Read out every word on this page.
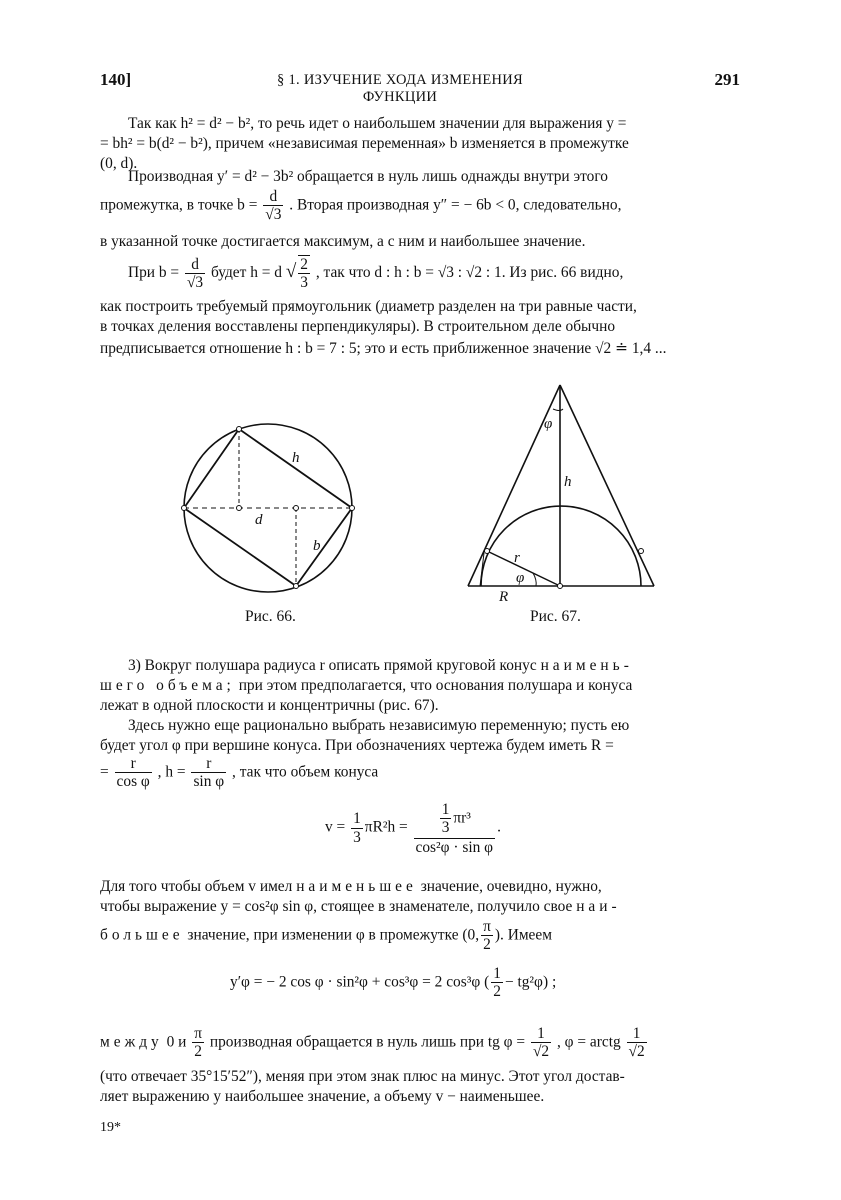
140]	§ 1. ИЗУЧЕНИЕ ХОДА ИЗМЕНЕНИЯ ФУНКЦИИ
291
Так как h² = d² − b², то речь идет о наибольшем значении для выражения y =
= bh² = b(d² − b²), причем «независимая переменная» b изменяется в промежутке
(0, d).
Производная y′ = d² − 3b² обращается в нуль лишь однажды внутри этого
промежутка, в точке $b = \frac{d}{√3}$ . Вторая производная y″ = − 6b < 0, следовательно,
в указанной точке достигается максимум, а с ним и наибольшее значение.
При $b = \frac{d}{√3}$ будет h = d √ $\frac{2}{3}$ , так что d : h : b = √3 : √2 : 1. Из рис. 66 видно,
как построить требуемый прямоугольник (диаметр разделен на три равные части,
в точках деления восставлены перпендикуляры). В строительном деле обычно
предписывается отношение h : b = 7 : 5; это и есть приближенное значение √2 ≐ 1,4 ...
h
d
b
Рис. 66.
φ
h
r
φ
R
Рис. 67.
3) Вокруг полушара радиуса r описать прямой круговой конус наимень-
шего объема; при этом предполагается, что основания полушара и конуса
лежат в одной плоскости и концентричны (рис. 67).
Здесь нужно еще рационально выбрать независимую переменную; пусть ею
будет угол φ при вершине конуса. При обозначениях чертежа будем иметь R =
= $\frac{r}{\text{cos φ}}$ , $h = \frac{r}{\text{sin φ}}$ , так что объем конуса
$v = \frac{1}{3} \pi R^2h = \frac{\frac{1}{3} \pi r^3}{\text{cos²φ · sin φ}}$ .
Для того чтобы объем v имел наименьшее значение, очевидно, нужно,
чтобы выражение y = cos²φ sin φ, стоящее в знаменателе, получило свое наи-
большее значение, при изменении φ в промежутке (0, $\frac{\pi}{2}$ ). Имеем
y′φ = − 2 cos φ · sin²φ + cos³φ = 2 cos³φ ( $\frac{1}{2} - tg^2\varphi$) ;
между 0 и $\frac{\pi}{2}$ производная обращается в нуль лишь при tg $\varphi = \frac{1}{√2}$ , φ = arctg $\frac{1}{√2}$
(что отвечает 35°15′52″), меняя при этом знак плюс на минус. Этот угол достав-
ляет выражению y наибольшее значение, а объему v − наименьшее.
19*
